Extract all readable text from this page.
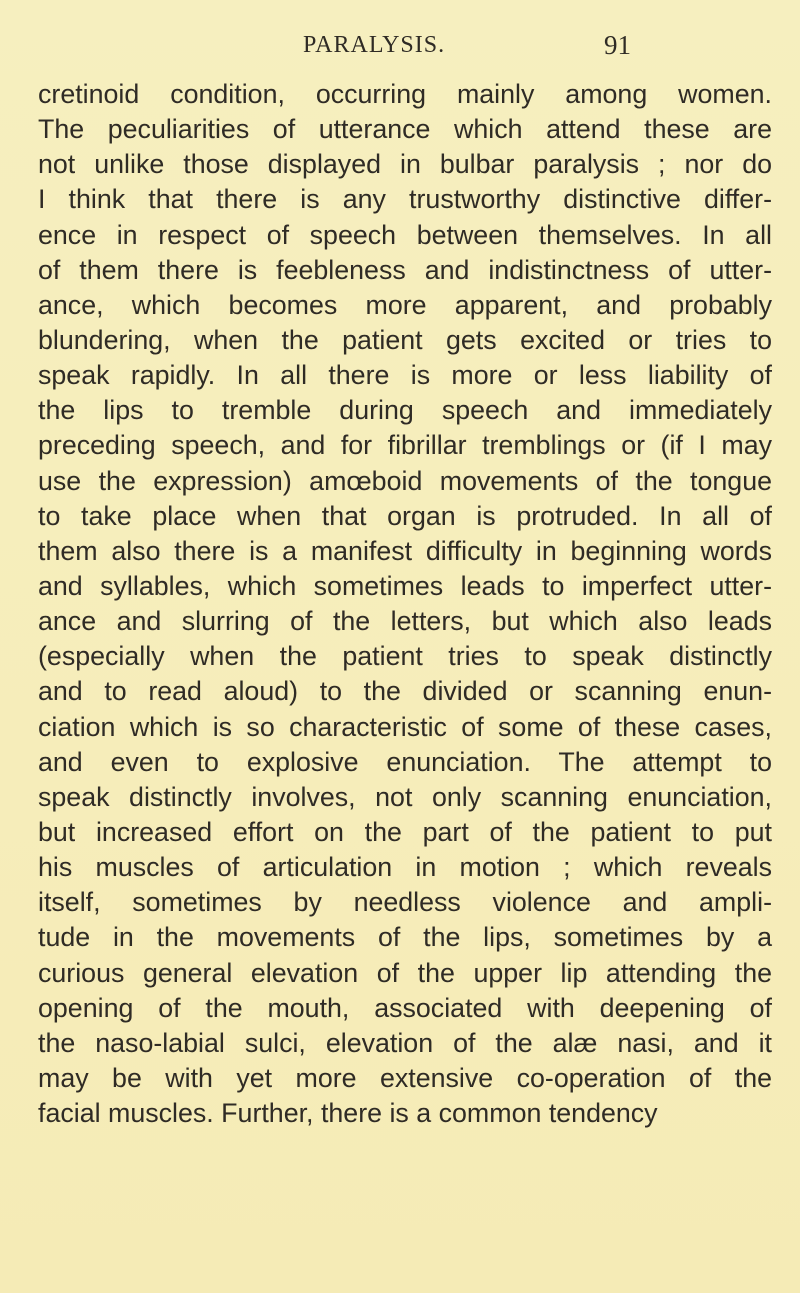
PARALYSIS.	91
cretinoid condition, occurring mainly among women.
The peculiarities of utterance which attend these are
not unlike those displayed in bulbar paralysis ; nor do
I think that there is any trustworthy distinctive differ-
ence in respect of speech between themselves. In all
of them there is feebleness and indistinctness of utter-
ance, which becomes more apparent, and probably
blundering, when the patient gets excited or tries to
speak rapidly. In all there is more or less liability of
the lips to tremble during speech and immediately
preceding speech, and for fibrillar tremblings or (if I may
use the expression) amœboid movements of the tongue
to take place when that organ is protruded. In all of
them also there is a manifest difficulty in beginning words
and syllables, which sometimes leads to imperfect utter-
ance and slurring of the letters, but which also leads
(especially when the patient tries to speak distinctly
and to read aloud) to the divided or scanning enun-
ciation which is so characteristic of some of these cases,
and even to explosive enunciation. The attempt to
speak distinctly involves, not only scanning enunciation,
but increased effort on the part of the patient to put
his muscles of articulation in motion ; which reveals
itself, sometimes by needless violence and ampli-
tude in the movements of the lips, sometimes by a
curious general elevation of the upper lip attending the
opening of the mouth, associated with deepening of
the naso-labial sulci, elevation of the alæ nasi, and it
may be with yet more extensive co-operation of the
facial muscles. Further, there is a common tendency
